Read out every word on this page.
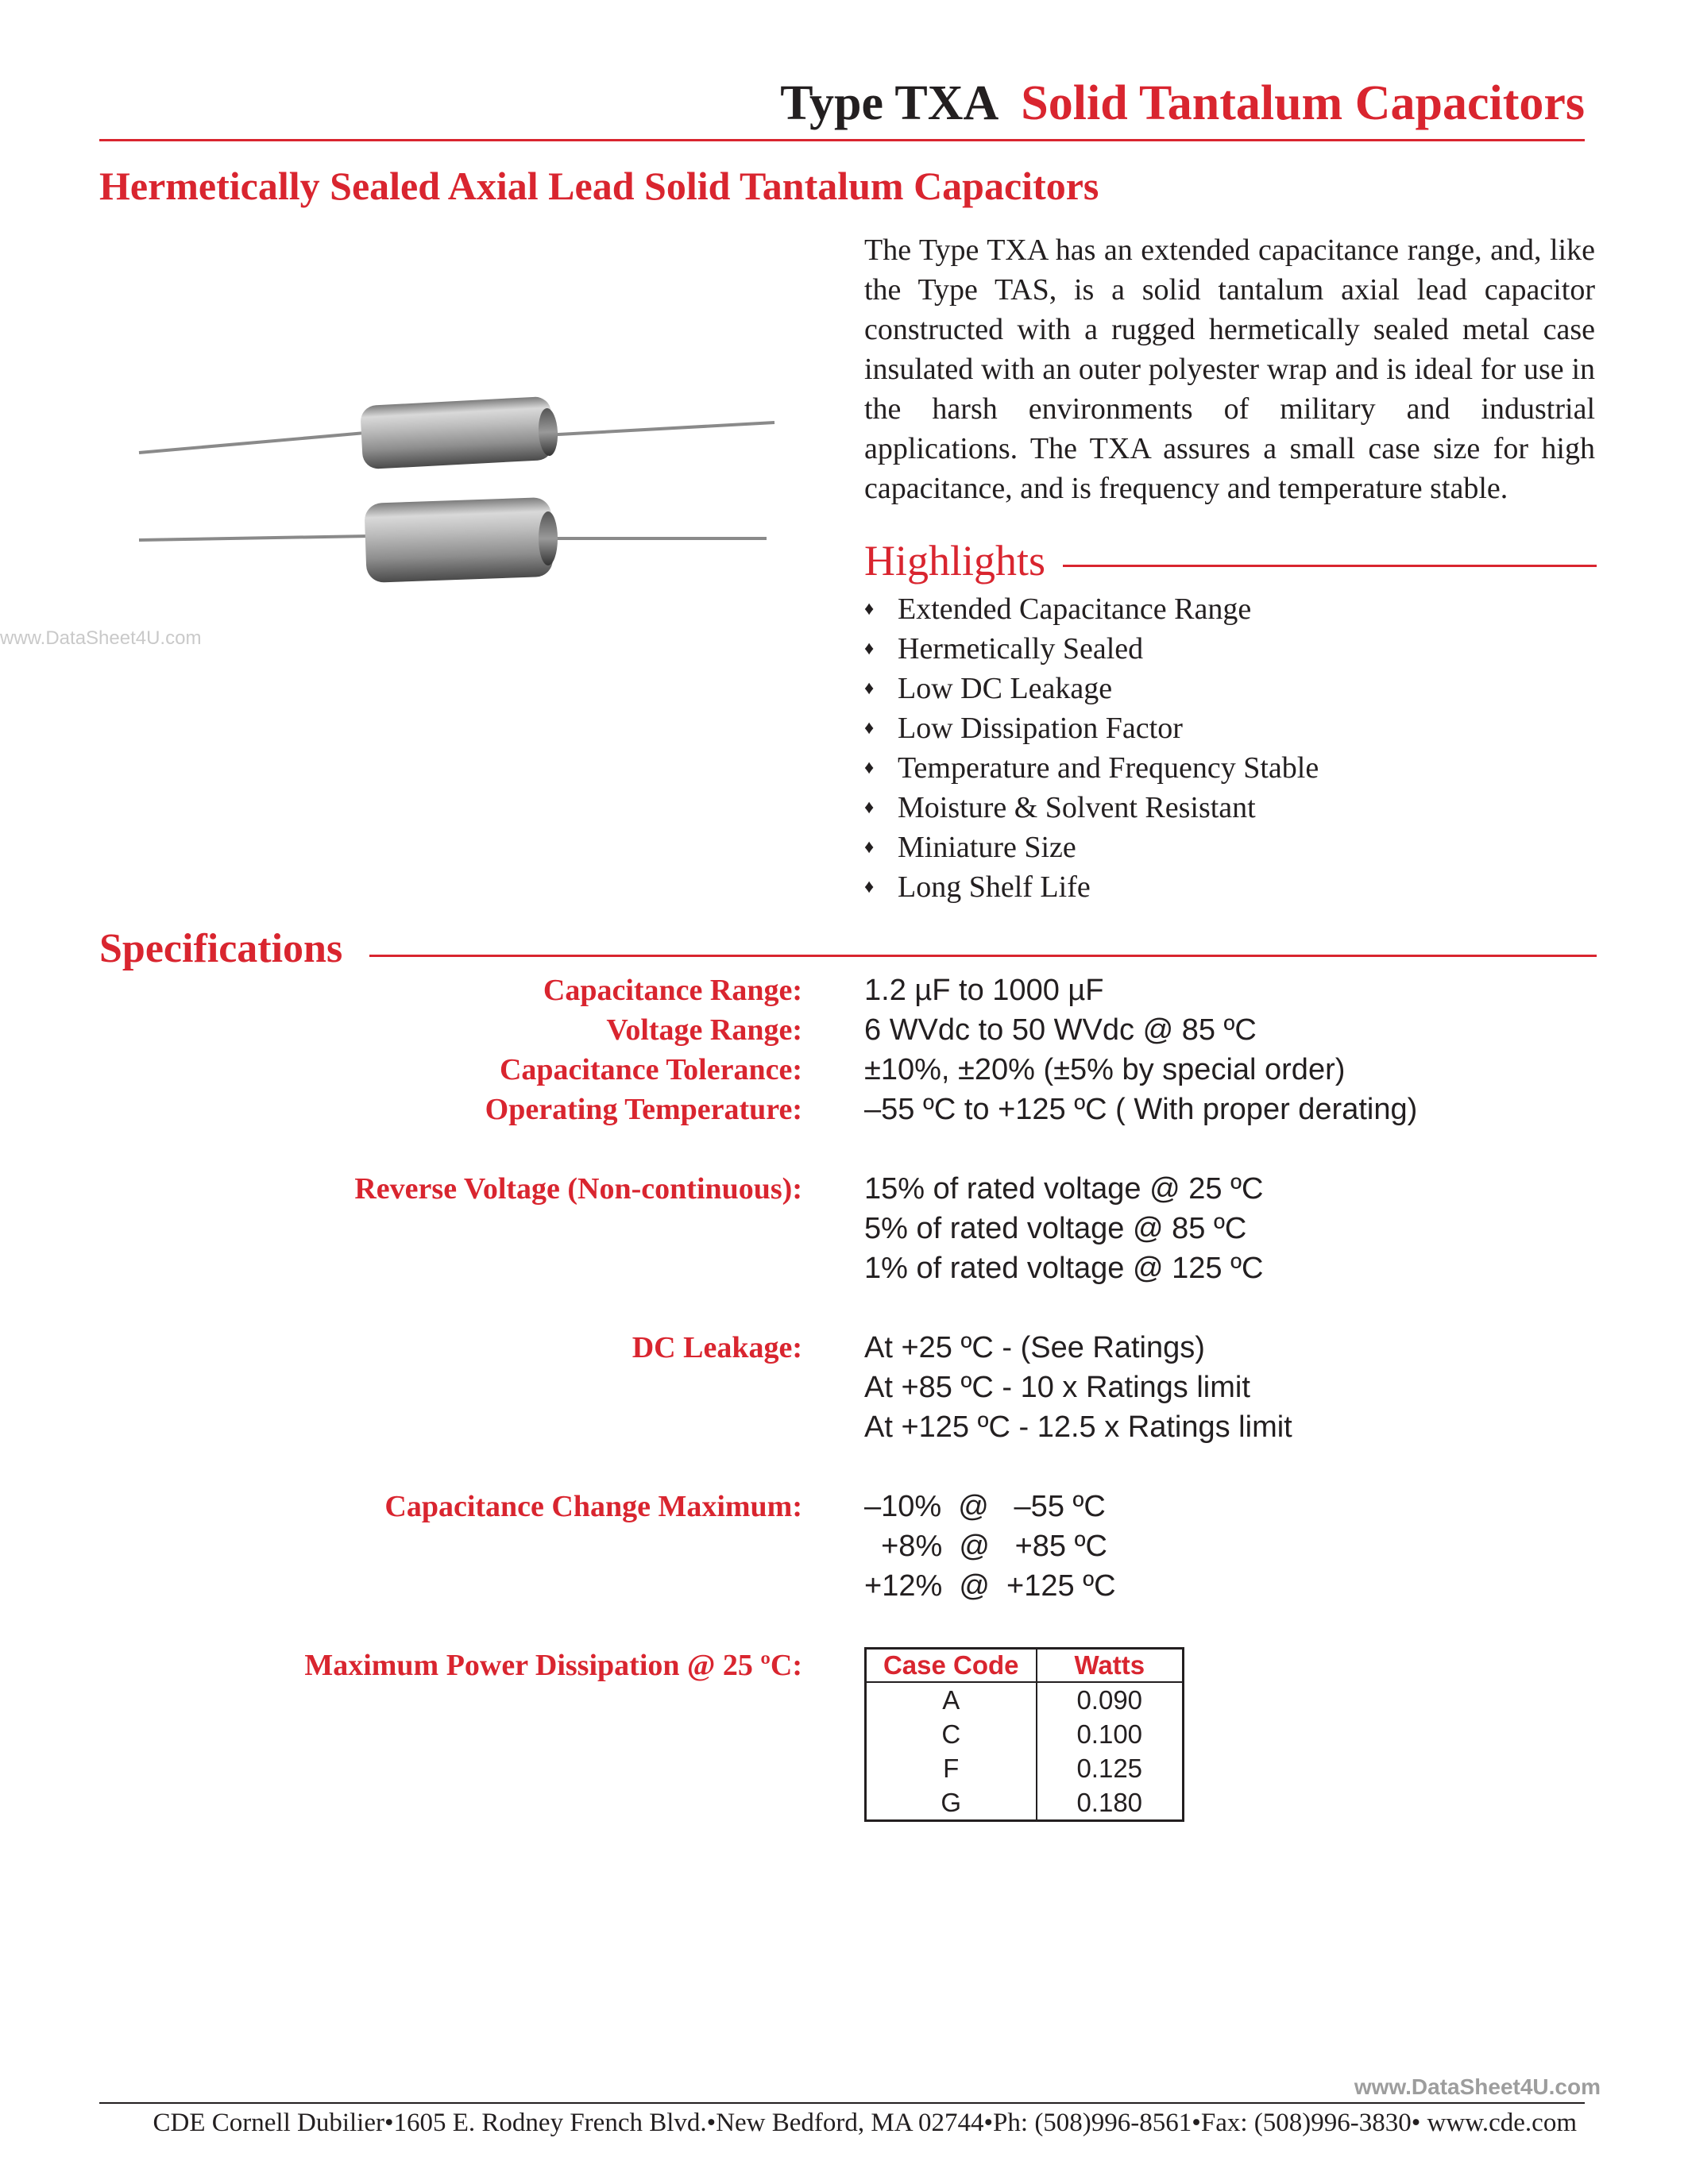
Type TXA Solid Tantalum Capacitors
Hermetically Sealed Axial Lead Solid Tantalum Capacitors
www.DataSheet4U.com

The Type TXA has an extended capacitance range, and, like the Type TAS, is a solid tantalum axial lead capacitor constructed with a rugged hermetically sealed metal case insulated with an outer polyester wrap and is ideal for use in the harsh environments of military and industrial applications. The TXA assures a small case size for high capacitance, and is frequency and temperature stable.

Highlights
♦ Extended Capacitance Range
♦ Hermetically Sealed
♦ Low DC Leakage
♦ Low Dissipation Factor
♦ Temperature and Frequency Stable
♦ Moisture & Solvent Resistant
♦ Miniature Size
♦ Long Shelf Life
Specifications
Capacitance Range: 1.2 µF to 1000 µF
Voltage Range: 6 WVdc to 50 WVdc @ 85 ºC
Capacitance Tolerance: ±10%, ±20% (±5% by special order)
Operating Temperature: –55 ºC to +125 ºC ( With proper derating)
Reverse Voltage (Non-continuous): 15% of rated voltage @ 25 ºC
5% of rated voltage @ 85 ºC
1% of rated voltage @ 125 ºC
DC Leakage: At +25 ºC - (See Ratings)
At +85 ºC - 10 x Ratings limit
At +125 ºC - 12.5 x Ratings limit
Capacitance Change Maximum: –10%  @   –55 ºC
+8%  @   +85 ºC
+12%  @  +125 ºC
Maximum Power Dissipation @ 25 ºC:	Case Code	Watts
A	0.090
C	0.100
F	0.125
G	0.180
www.DataSheet4U.com
CDE Cornell Dubilier•1605 E. Rodney French Blvd.•New Bedford, MA 02744•Ph: (508)996-8561•Fax: (508)996-3830• www.cde.com
